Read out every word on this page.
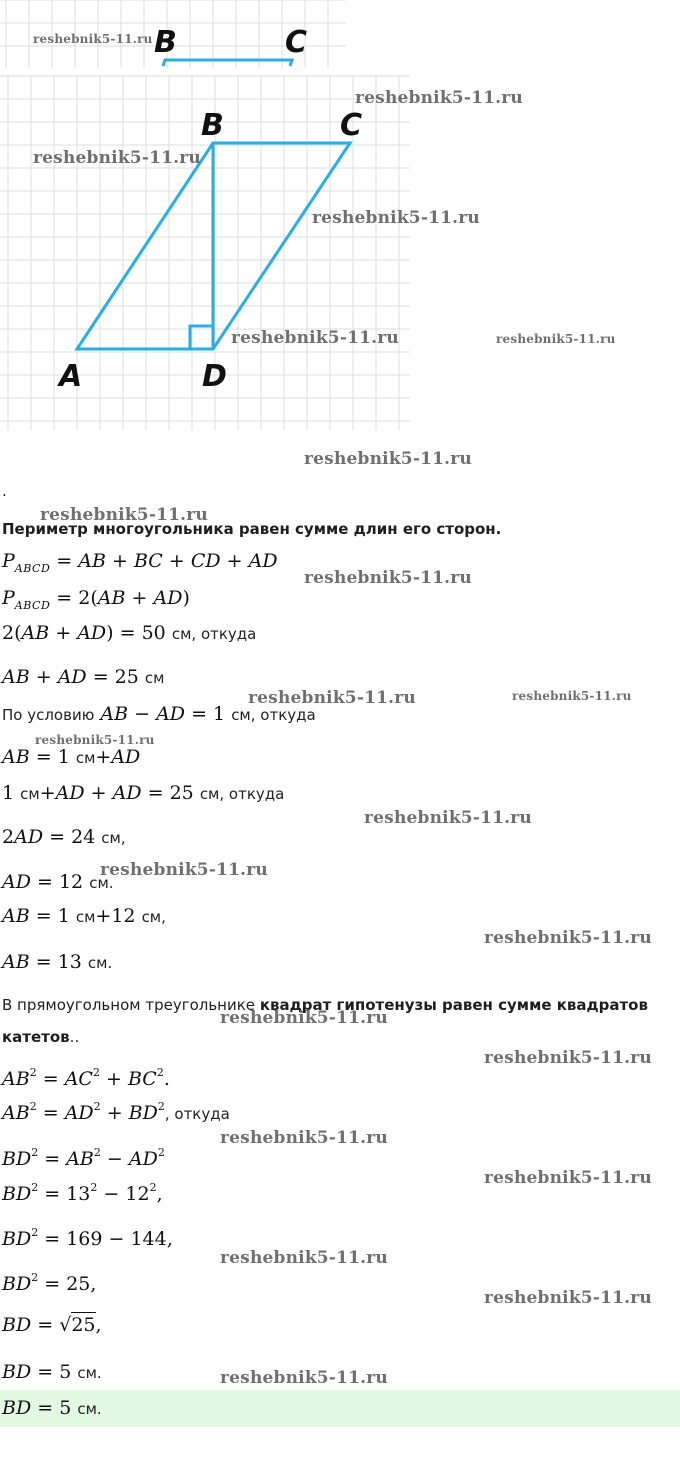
B	C
B	C
A	D
.
Периметр многоугольника равен сумме длин его сторон.
$P_{ABCD}$ = AB + BC + CD + AD
$P_{ABCD} = 2(AB + AD)$
2(AB + AD) = 50 см, откуда
AB + AD = 25 см
По условию AB − AD = 1 см, откуда
AB = 1 см+AD
1 см+AD + AD = 25 см, откуда
2AD = 24 см,
AD = 12 см.
AB = 1 см+12 см,
AB = 13 см.
В прямоугольном треугольнике квадрат гипотенузы равен сумме квадратов катетов..
$AB^2 = AC^2 + BC^2$.
$AB^2 = AD^2 + BD^2$, откуда
$BD^2 = AB^2 - AD^2$
$BD^2 = 13^2 - 12^2$,
$BD^2 = 169 - 144$,
$BD^2 = 25$,
BD = √25,
BD = 5 см.
BD = 5 см.
reshebnik5-11.ru
reshebnik5-11.ru
reshebnik5-11.ru
reshebnik5-11.ru
reshebnik5-11.ru	reshebnik5-11.ru
reshebnik5-11.ru
reshebnik5-11.ru
reshebnik5-11.ru
reshebnik5-11.ru	reshebnik5-11.ru
reshebnik5-11.ru
reshebnik5-11.ru
reshebnik5-11.ru
reshebnik5-11.ru
reshebnik5-11.ru
reshebnik5-11.ru
reshebnik5-11.ru
reshebnik5-11.ru
reshebnik5-11.ru
reshebnik5-11.ru
reshebnik5-11.ru
